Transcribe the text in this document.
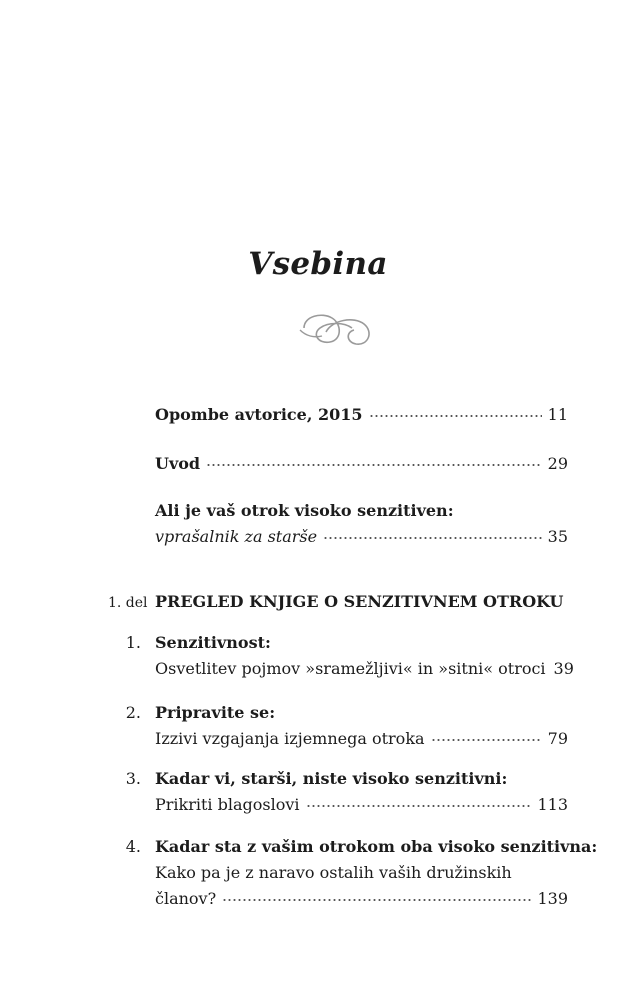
Vsebina
Opombe avtorice, 2015	11
Uvod	29
Ali je vaš otrok visoko senzitiven:
vprašalnik za starše	35
1. del PREGLED KNJIGE O SENZITIVNEM OTROKU
1. Senzitivnost:
Osvetlitev pojmov »sramežljivi« in »sitni« otroci 39
2. Pripravite se:
Izzivi vzgajanja izjemnega otroka	79
3. Kadar vi, starši, niste visoko senzitivni:
Prikriti blagoslovi	113
4. Kadar sta z vašim otrokom oba visoko senzitivna:
Kako pa je z naravo ostalih vaših družinskih
članov?	139
